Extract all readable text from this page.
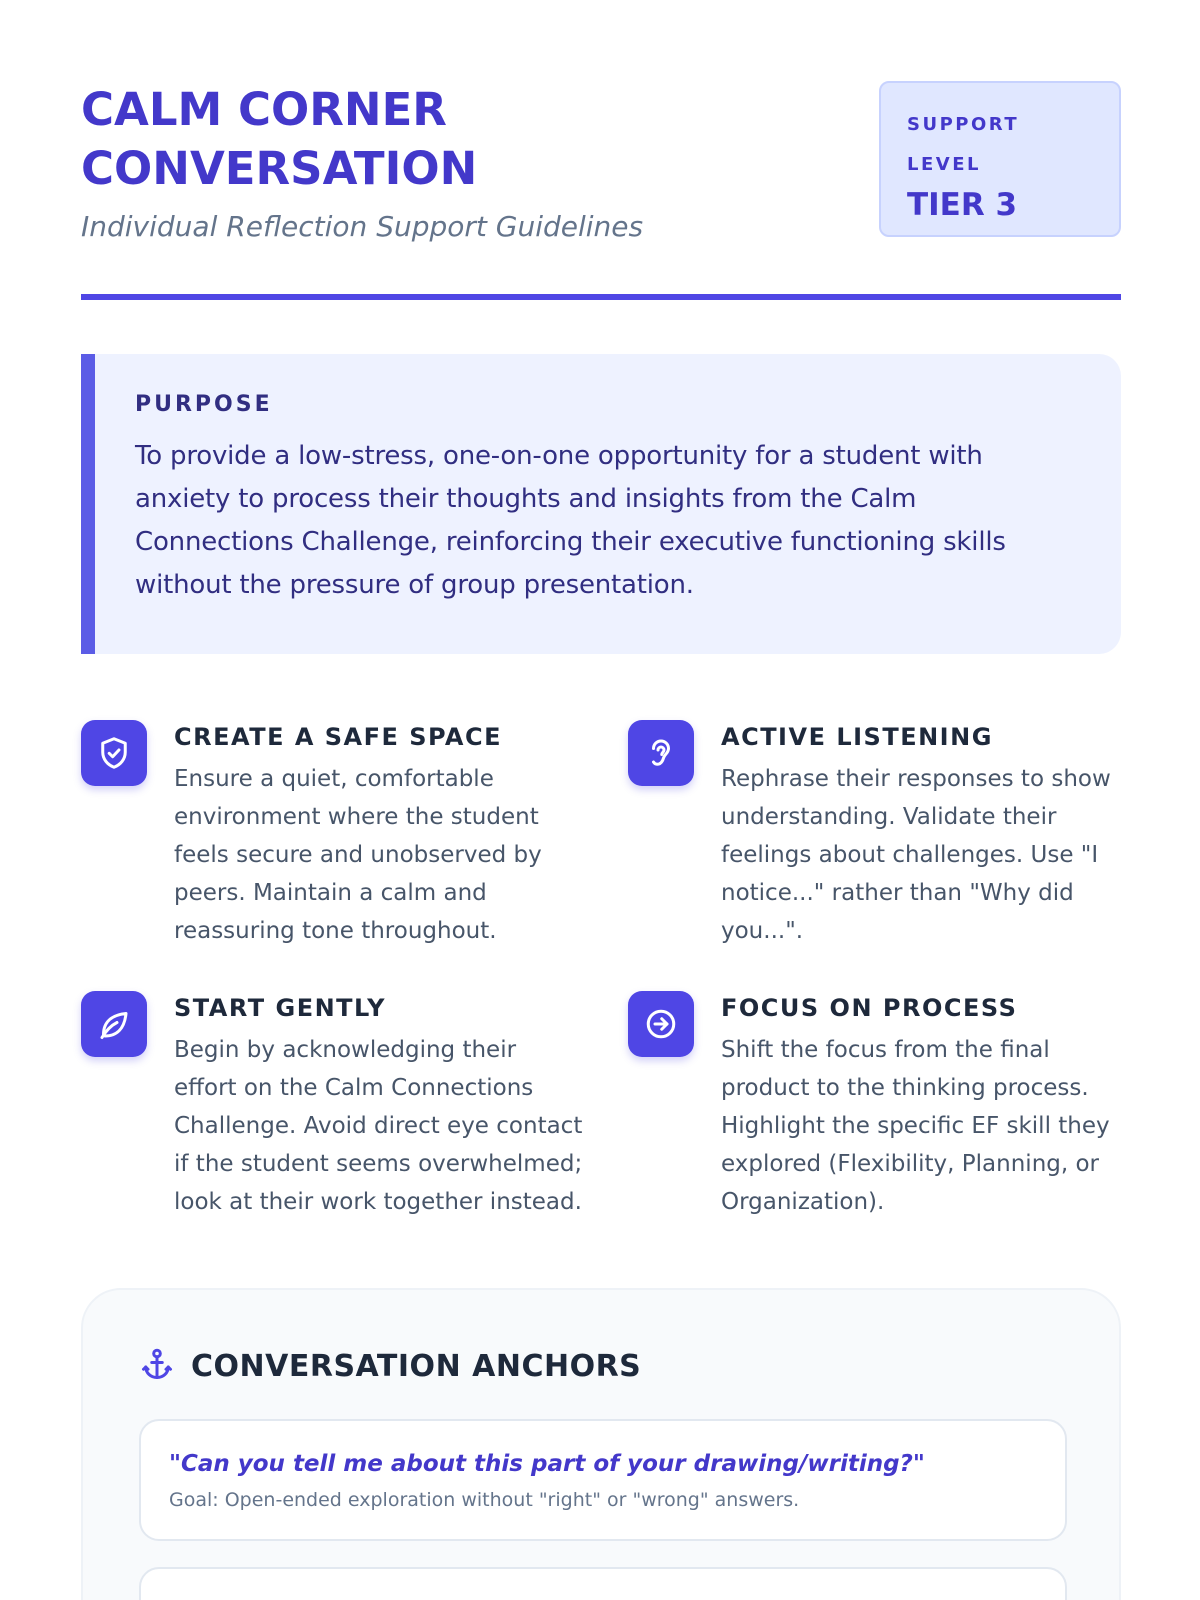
CALM CORNER CONVERSATION
Individual Reflection Support Guidelines
SUPPORT LEVEL
TIER 3
PURPOSE

To provide a low-stress, one-on-one opportunity for a student with anxiety to process their thoughts and insights from the Calm Connections Challenge, reinforcing their executive functioning skills without the pressure of group presentation.

CREATE A SAFE SPACE

Ensure a quiet, comfortable environment where the student feels secure and unobserved by peers. Maintain a calm and reassuring tone throughout.

ACTIVE LISTENING

Rephrase their responses to show understanding. Validate their feelings about challenges. Use "I notice..." rather than "Why did you...".

START GENTLY

Begin by acknowledging their effort on the Calm Connections Challenge. Avoid direct eye contact if the student seems overwhelmed; look at their work together instead.

FOCUS ON PROCESS

Shift the focus from the final product to the thinking process. Highlight the specific EF skill they explored (Flexibility, Planning, or Organization).

CONVERSATION ANCHORS
"Can you tell me about this part of your drawing/writing?"
Goal: Open-ended exploration without "right" or "wrong" answers.
